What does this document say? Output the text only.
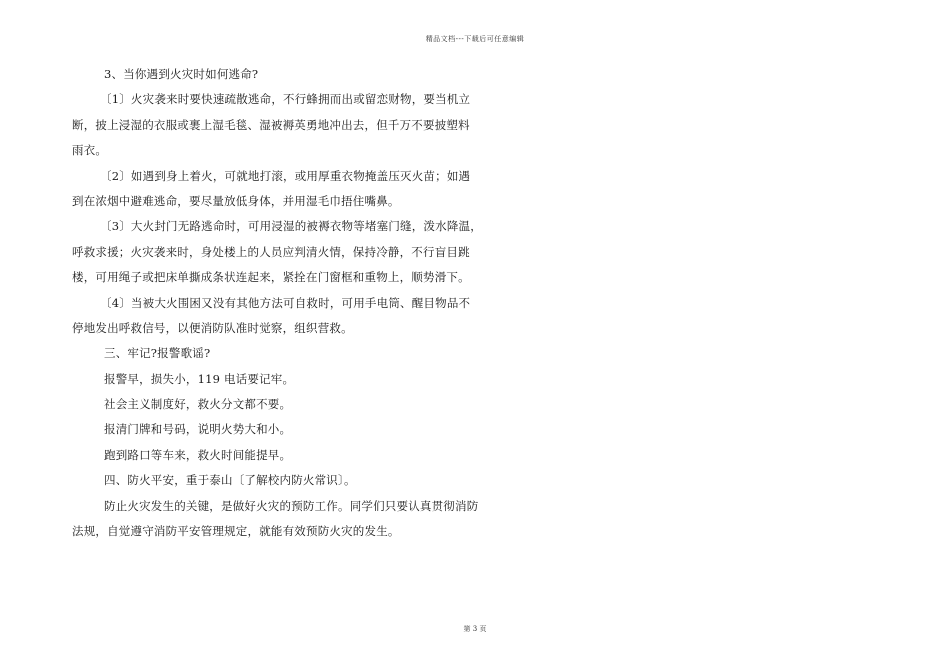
精品文档---下载后可任意编辑
3、当你遇到火灾时如何逃命?
〔1〕火灾袭来时要快速疏散逃命，不行蜂拥而出或留恋财物，要当机立
断，披上浸湿的衣服或裹上湿毛毯、湿被褥英勇地冲出去，但千万不要披塑料
雨衣。
〔2〕如遇到身上着火，可就地打滚，或用厚重衣物掩盖压灭火苗；如遇
到在浓烟中避难逃命，要尽量放低身体，并用湿毛巾捂住嘴鼻。
〔3〕大火封门无路逃命时，可用浸湿的被褥衣物等堵塞门缝，泼水降温，
呼救求援；火灾袭来时，身处楼上的人员应判清火情，保持冷静，不行盲目跳
楼，可用绳子或把床单撕成条状连起来，紧拴在门窗框和重物上，顺势滑下。
〔4〕当被大火围困又没有其他方法可自救时，可用手电筒、醒目物品不
停地发出呼救信号，以便消防队准时觉察，组织营救。
三、牢记?报警歌谣?
报警早，损失小，119 电话要记牢。
社会主义制度好，救火分文都不要。
报清门牌和号码，说明火势大和小。
跑到路口等车来，救火时间能提早。
四、防火平安，重于泰山〔了解校内防火常识〕。
防止火灾发生的关键，是做好火灾的预防工作。同学们只要认真贯彻消防
法规，自觉遵守消防平安管理规定，就能有效预防火灾的发生。
第 3 页
